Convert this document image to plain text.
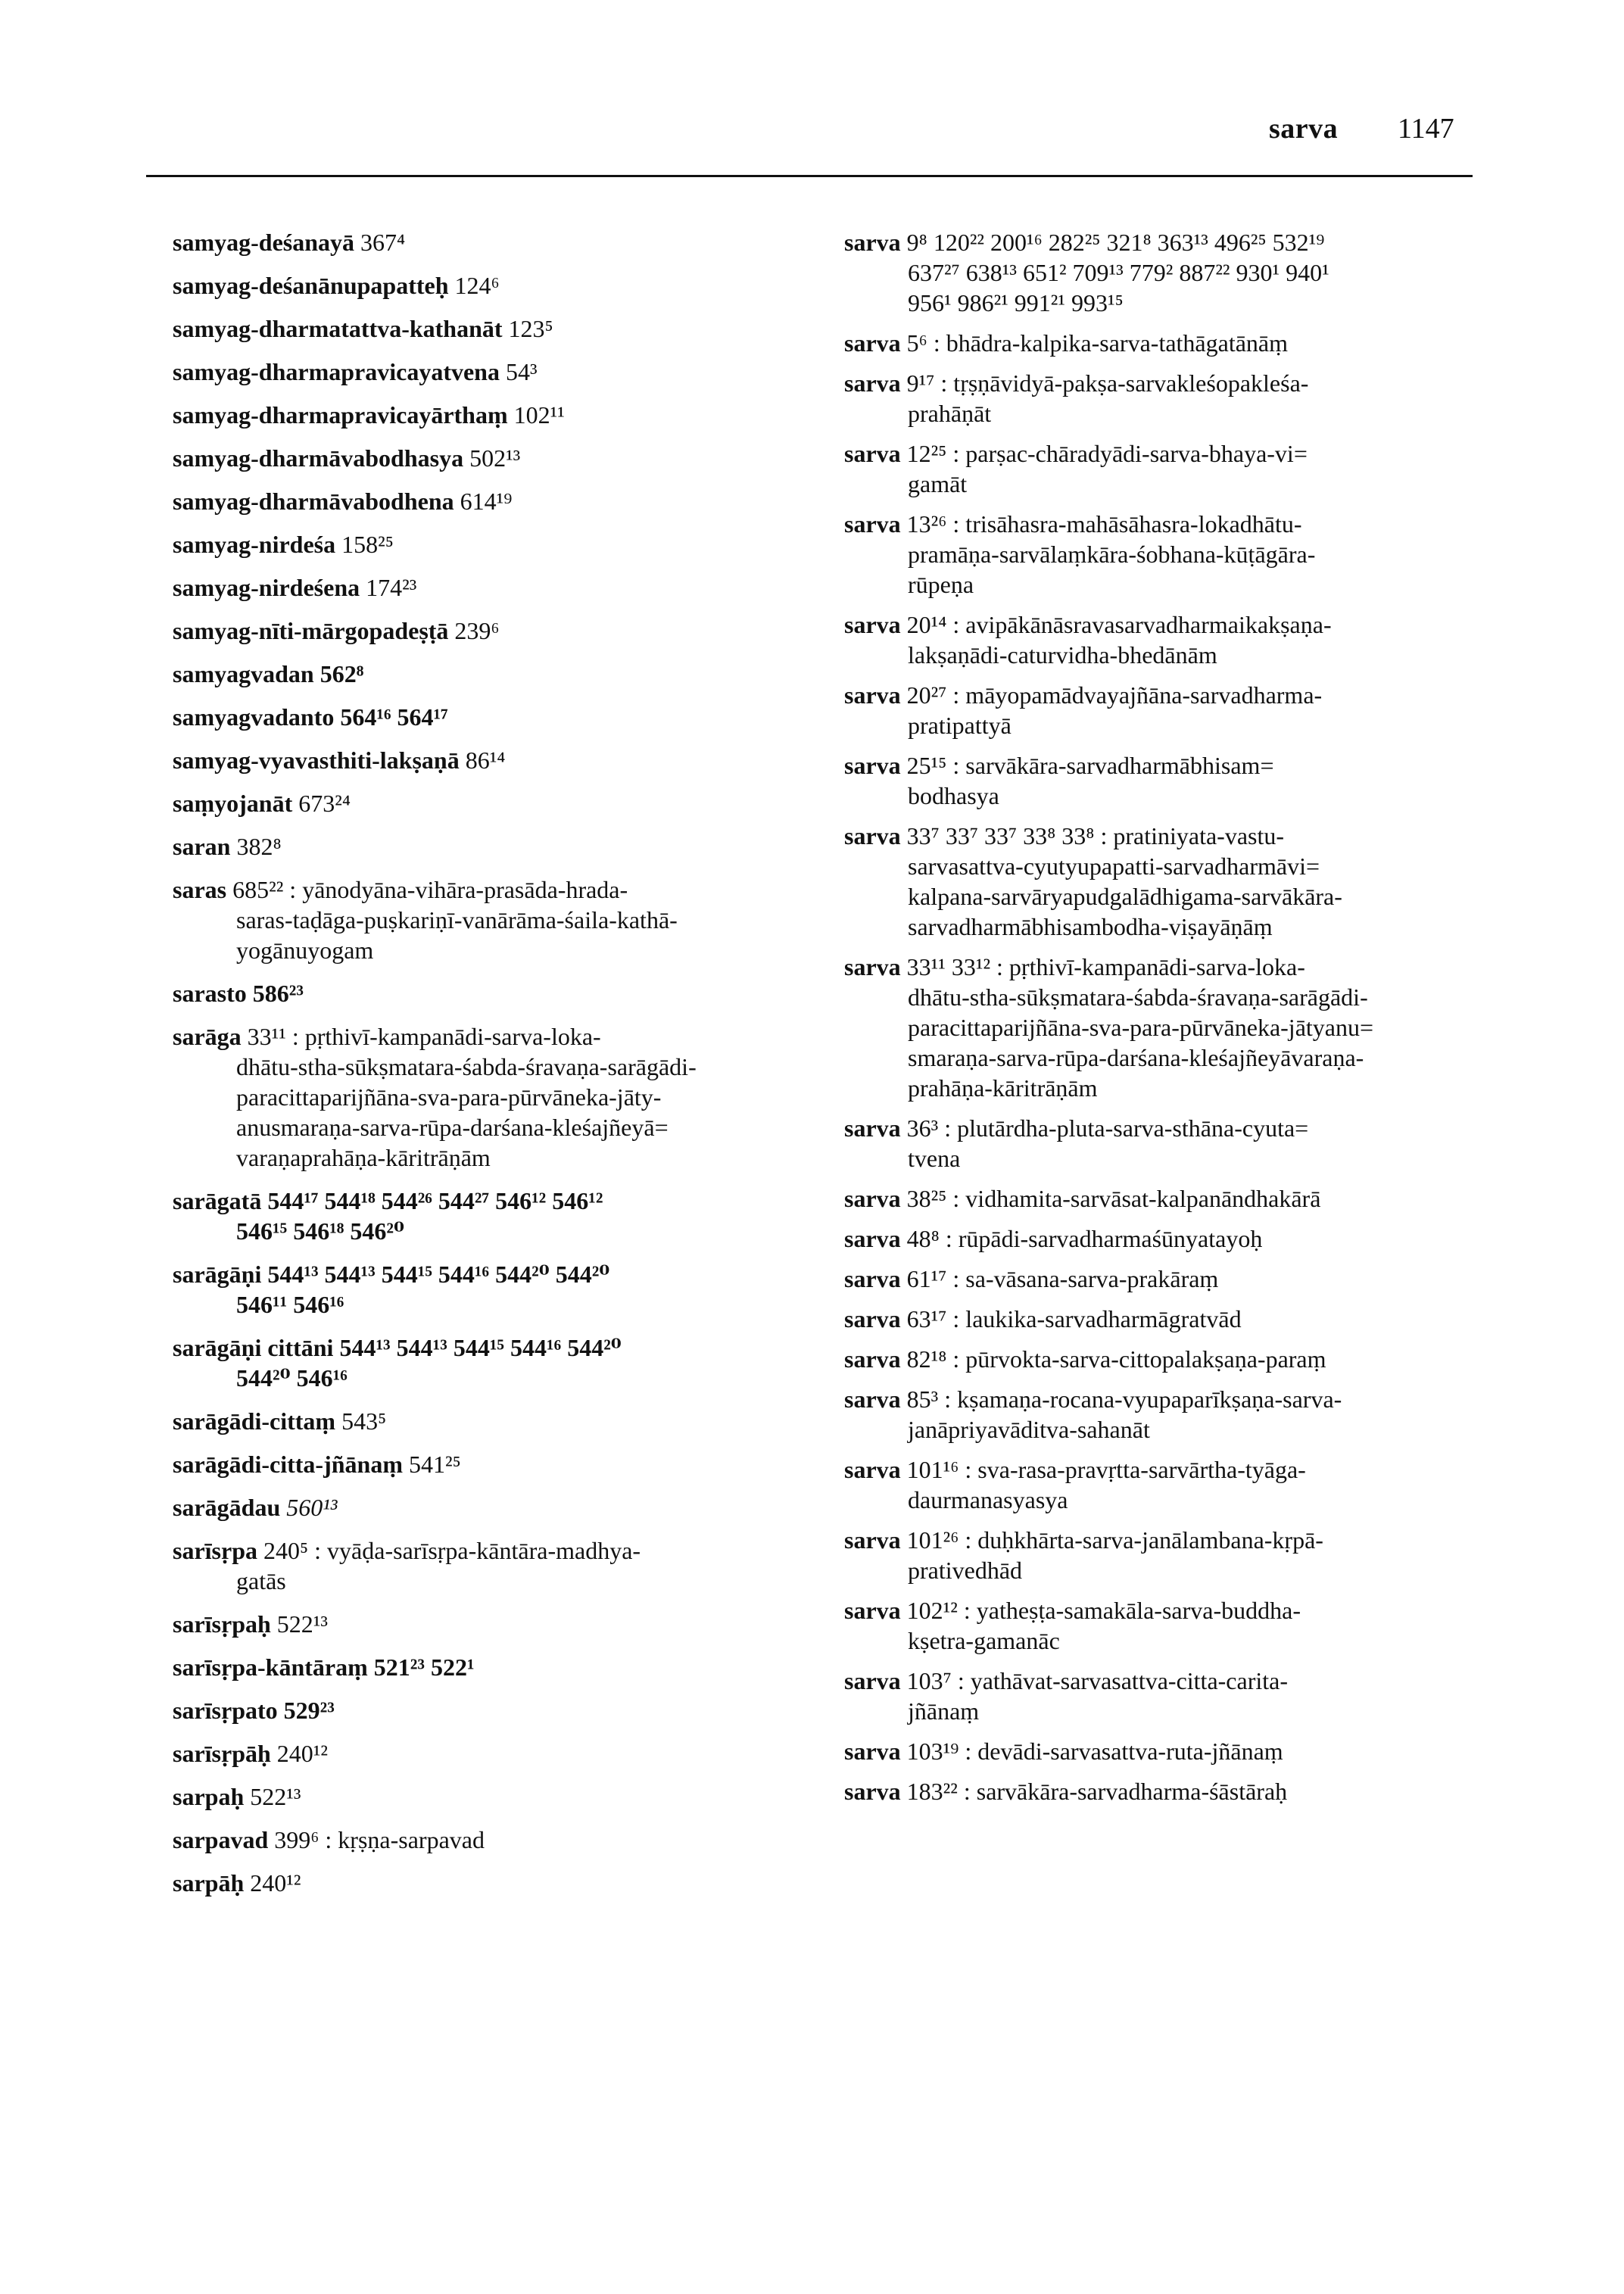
sarva 1147
samyag-deśanayā 367⁴
samyag-deśanānupapatteḥ 124⁶
samyag-dharmatattva-kathanāt 123⁵
samyag-dharmapravicayatvena 54³
samyag-dharmapravicayārthaṃ 102¹¹
samyag-dharmāvabodhasya 502¹³
samyag-dharmāvabodhena 614¹⁹
samyag-nirdeśa 158²⁵
samyag-nirdeśena 174²³
samyag-nīti-mārgopadeṣṭā 239⁶
samyagvadan 562⁸
samyagvadanto 564¹⁶ 564¹⁷
samyag-vyavasthiti-lakṣaṇā 86¹⁴
saṃyojanāt 673²⁴
saran 382⁸
saras 685²² : yānodyāna-vihāra-prasāda-hrada-
saras-taḍāga-puṣkariṇī-vanārāma-śaila-kathā-
yogānuyogam
sarasto 586²³
sarāga 33¹¹ : pṛthivī-kampanādi-sarva-loka-
dhātu-stha-sūkṣmatara-śabda-śravaṇa-sarāgādi-
paracittaparijñāna-sva-para-pūrvāneka-jāty-
anusmaraṇa-sarva-rūpa-darśana-kleśajñeyā=
varaṇaprahāṇa-kāritrāṇām
sarāgatā 544¹⁷ 544¹⁸ 544²⁶ 544²⁷ 546¹² 546¹²
546¹⁵ 546¹⁸ 546²⁰
sarāgāṇi 544¹³ 544¹³ 544¹⁵ 544¹⁶ 544²⁰ 544²⁰
546¹¹ 546¹⁶
sarāgāṇi cittāni 544¹³ 544¹³ 544¹⁵ 544¹⁶ 544²⁰
544²⁰ 546¹⁶
sarāgādi-cittaṃ 543⁵
sarāgādi-citta-jñānaṃ 541²⁵
sarāgādau 560¹³
sarīsṛpa 240⁵ : vyāḍa-sarīsṛpa-kāntāra-madhya-
gatās
sarīsṛpaḥ 522¹³
sarīsṛpa-kāntāraṃ 521²³ 522¹
sarīsṛpato 529²³
sarīsṛpāḥ 240¹²
sarpaḥ 522¹³
sarpavad 399⁶ : kṛṣṇa-sarpavad
sarpāḥ 240¹²
sarva 9⁸ 120²² 200¹⁶ 282²⁵ 321⁸ 363¹³ 496²⁵ 532¹⁹
637²⁷ 638¹³ 651² 709¹³ 779² 887²² 930¹ 940¹
956¹ 986²¹ 991²¹ 993¹⁵
sarva 5⁶ : bhādra-kalpika-sarva-tathāgatānāṃ
sarva 9¹⁷ : tṛṣṇāvidyā-pakṣa-sarvakleśopakleśa-
prahāṇāt
sarva 12²⁵ : parṣac-chāradyādi-sarva-bhaya-vi=
gamāt
sarva 13²⁶ : trisāhasra-mahāsāhasra-lokadhātu-
pramāṇa-sarvālaṃkāra-śobhana-kūṭāgāra-
rūpeṇa
sarva 20¹⁴ : avipākānāsravasarvadharmaikakṣaṇa-
lakṣaṇādi-caturvidha-bhedānām
sarva 20²⁷ : māyopamādvayajñāna-sarvadharma-
pratipattyā
sarva 25¹⁵ : sarvākāra-sarvadharmābhisam=
bodhasya
sarva 33⁷ 33⁷ 33⁷ 33⁸ 33⁸ : pratiniyata-vastu-
sarvasattva-cyutyupapatti-sarvadharmāvi=
kalpana-sarvāryapudgalādhigama-sarvākāra-
sarvadharmābhisambodha-viṣayāṇāṃ
sarva 33¹¹ 33¹² : pṛthivī-kampanādi-sarva-loka-
dhātu-stha-sūkṣmatara-śabda-śravaṇa-sarāgādi-
paracittaparijñāna-sva-para-pūrvāneka-jātyanu=
smaraṇa-sarva-rūpa-darśana-kleśajñeyāvaraṇa-
prahāṇa-kāritrāṇām
sarva 36³ : plutārdha-pluta-sarva-sthāna-cyuta=
tvena
sarva 38²⁵ : vidhamita-sarvāsat-kalpanāndhakārā
sarva 48⁸ : rūpādi-sarvadharmaśūnyatayoḥ
sarva 61¹⁷ : sa-vāsana-sarva-prakāraṃ
sarva 63¹⁷ : laukika-sarvadharmāgratvād
sarva 82¹⁸ : pūrvokta-sarva-cittopalakṣaṇa-paraṃ
sarva 85³ : kṣamaṇa-rocana-vyupaparīkṣaṇa-sarva-
janāpriyavāditva-sahanāt
sarva 101¹⁶ : sva-rasa-pravṛtta-sarvārtha-tyāga-
daurmanasyasya
sarva 101²⁶ : duḥkhārta-sarva-janālambana-kṛpā-
prativedhād
sarva 102¹² : yatheṣṭa-samakāla-sarva-buddha-
kṣetra-gamanāc
sarva 103⁷ : yathāvat-sarvasattva-citta-carita-
jñānaṃ
sarva 103¹⁹ : devādi-sarvasattva-ruta-jñānaṃ
sarva 183²² : sarvākāra-sarvadharma-śāstāraḥ
